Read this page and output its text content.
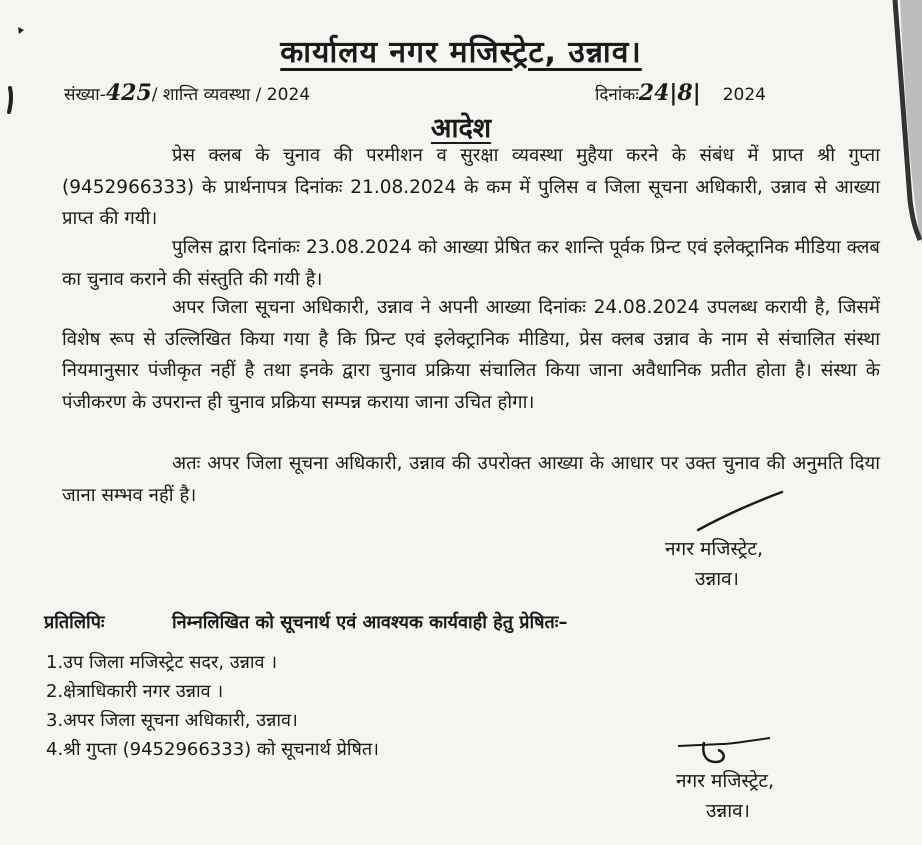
कार्यालय नगर मजिस्ट्रेट, उन्नाव।
संख्या-425/ शान्ति व्यवस्था / 2024	दिनांकः24|8| 2024
आदेश

प्रेस क्लब के चुनाव की परमीशन व सुरक्षा व्यवस्था मुहैया करने के संबंध में प्राप्त श्री गुप्ता (9452966333) के प्रार्थनापत्र दिनांकः 21.08.2024 के कम में पुलिस व जिला सूचना अधिकारी, उन्नाव से आख्या प्राप्त की गयी।

पुलिस द्वारा दिनांकः 23.08.2024 को आख्या प्रेषित कर शान्ति पूर्वक प्रिन्ट एवं इलेक्ट्रानिक मीडिया क्लब का चुनाव कराने की संस्तुति की गयी है।

अपर जिला सूचना अधिकारी, उन्नाव ने अपनी आख्या दिनांकः 24.08.2024 उपलब्ध करायी है, जिसमें विशेष रूप से उल्लिखित किया गया है कि प्रिन्ट एवं इलेक्ट्रानिक मीडिया, प्रेस क्लब उन्नाव के नाम से संचालित संस्था नियमानुसार पंजीकृत नहीं है तथा इनके द्वारा चुनाव प्रक्रिया संचालित किया जाना अवैधानिक प्रतीत होता है। संस्था के पंजीकरण के उपरान्त ही चुनाव प्रक्रिया सम्पन्न कराया जाना उचित होगा।

अतः अपर जिला सूचना अधिकारी, उन्नाव की उपरोक्त आख्या के आधार पर उक्त चुनाव की अनुमति दिया जाना सम्भव नहीं है।

नगर मजिस्ट्रेट,
उन्नाव।
प्रतिलिपिः	निम्नलिखित को सूचनार्थ एवं आवश्यक कार्यवाही हेतु प्रेषितः–
1.उप जिला मजिस्ट्रेट सदर, उन्नाव ।
2.क्षेत्राधिकारी नगर उन्नाव ।
3.अपर जिला सूचना अधिकारी, उन्नाव।
4.श्री गुप्ता (9452966333) को सूचनार्थ प्रेषित।
नगर मजिस्ट्रेट,
उन्नाव।
